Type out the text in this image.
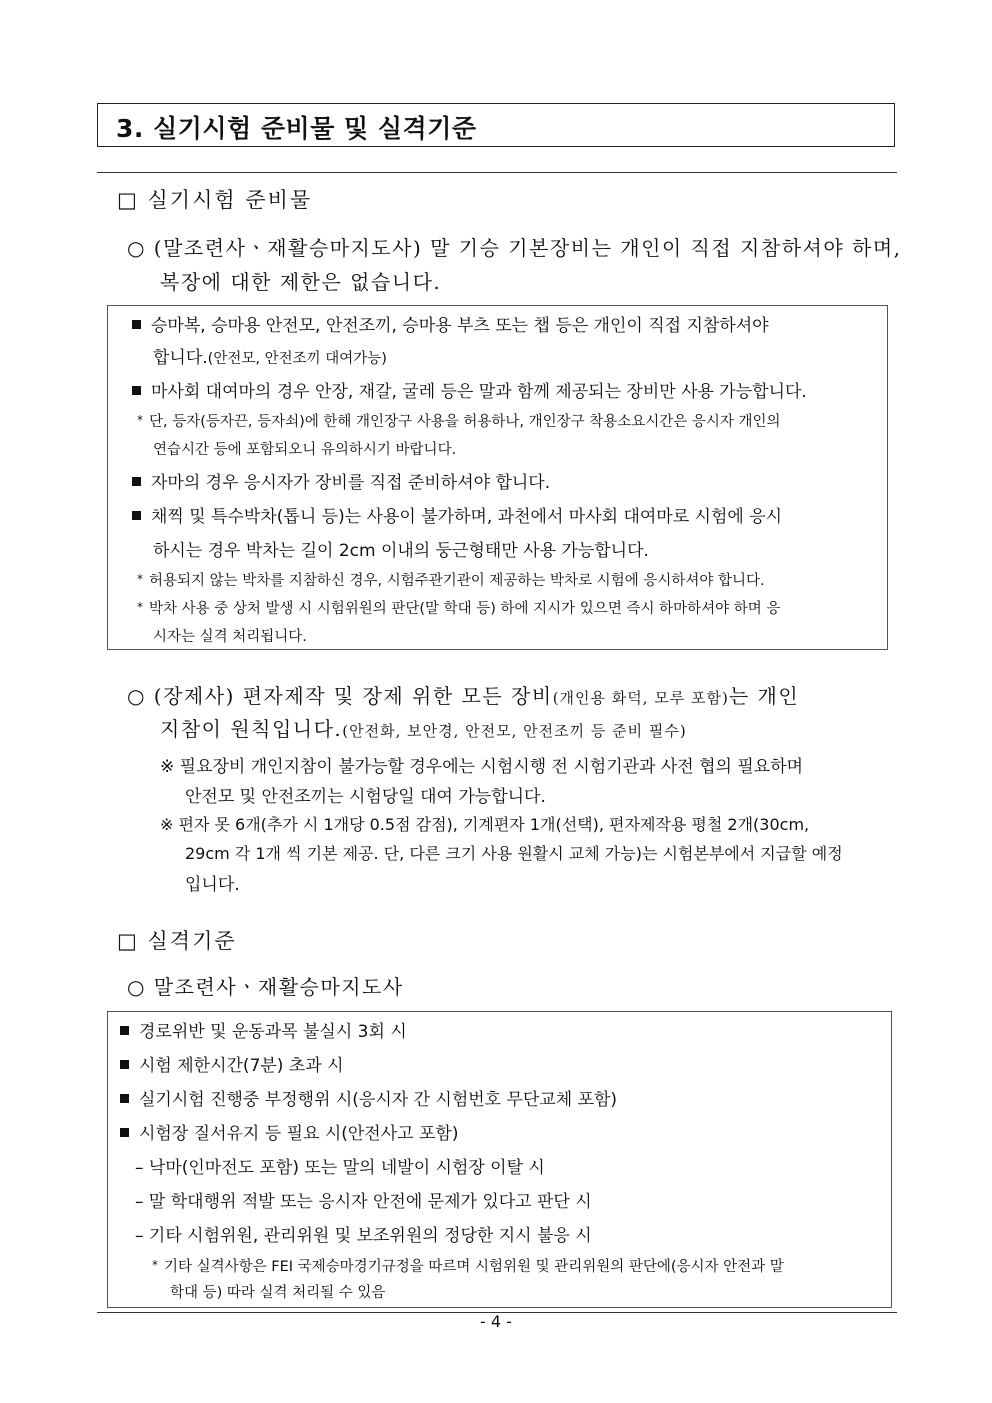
3. 실기시험 준비물 및 실격기준
□ 실기시험 준비물
○ (말조련사ㆍ재활승마지도사) 말 기승 기본장비는 개인이 직접 지참하셔야 하며,
복장에 대한 제한은 없습니다.
승마복, 승마용 안전모, 안전조끼, 승마용 부츠 또는 챕 등은 개인이 직접 지참하셔야
합니다.(안전모, 안전조끼 대여가능)
마사회 대여마의 경우 안장, 재갈, 굴레 등은 말과 함께 제공되는 장비만 사용 가능합니다.
* 단, 등자(등자끈, 등자쇠)에 한해 개인장구 사용을 허용하나, 개인장구 착용소요시간은 응시자 개인의
연습시간 등에 포함되오니 유의하시기 바랍니다.
자마의 경우 응시자가 장비를 직접 준비하셔야 합니다.
채찍 및 특수박차(톱니 등)는 사용이 불가하며, 과천에서 마사회 대여마로 시험에 응시
하시는 경우 박차는 길이 2cm 이내의 둥근형태만 사용 가능합니다.
* 허용되지 않는 박차를 지참하신 경우, 시험주관기관이 제공하는 박차로 시험에 응시하셔야 합니다.
* 박차 사용 중 상처 발생 시 시험위원의 판단(말 학대 등) 하에 지시가 있으면 즉시 하마하셔야 하며 응
시자는 실격 처리됩니다.
○ (장제사) 편자제작 및 장제 위한 모든 장비(개인용 화덕, 모루 포함)는 개인
지참이 원칙입니다.(안전화, 보안경, 안전모, 안전조끼 등 준비 필수)
※ 필요장비 개인지참이 불가능할 경우에는 시험시행 전 시험기관과 사전 협의 필요하며
안전모 및 안전조끼는 시험당일 대여 가능합니다.
※ 편자 못 6개(추가 시 1개당 0.5점 감점), 기계편자 1개(선택), 편자제작용 평철 2개(30cm,
29cm 각 1개 씩 기본 제공. 단, 다른 크기 사용 원활시 교체 가능)는 시험본부에서 지급할 예정
입니다.
□ 실격기준
○ 말조련사ㆍ재활승마지도사
경로위반 및 운동과목 불실시 3회 시
시험 제한시간(7분) 초과 시
실기시험 진행중 부정행위 시(응시자 간 시험번호 무단교체 포함)
시험장 질서유지 등 필요 시(안전사고 포함)
– 낙마(인마전도 포함) 또는 말의 네발이 시험장 이탈 시
– 말 학대행위 적발 또는 응시자 안전에 문제가 있다고 판단 시
– 기타 시험위원, 관리위원 및 보조위원의 정당한 지시 불응 시
* 기타 실격사항은 FEI 국제승마경기규정을 따르며 시험위원 및 관리위원의 판단에(응시자 안전과 말
학대 등) 따라 실격 처리될 수 있음
- 4 -
